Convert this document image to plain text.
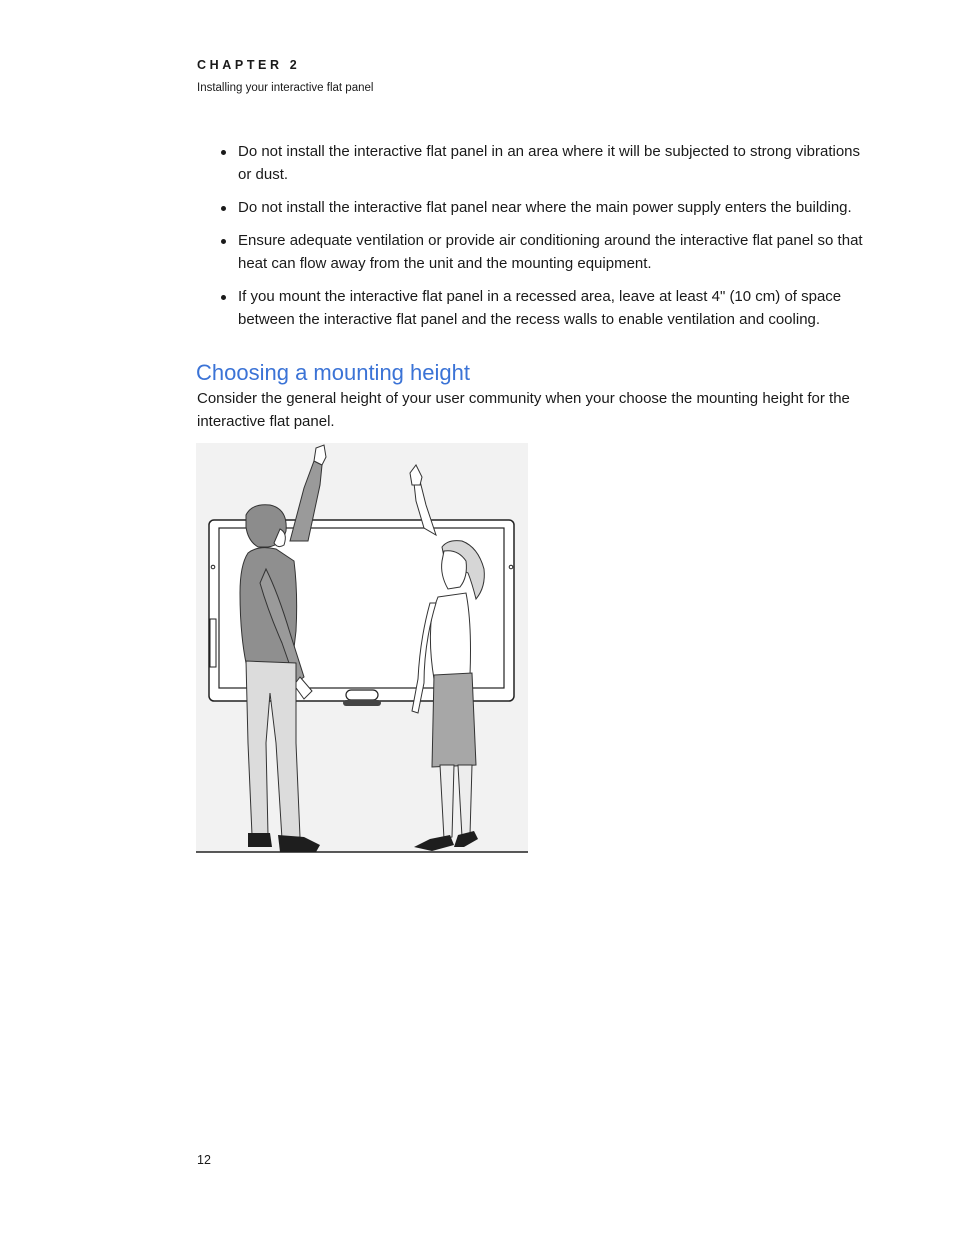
CHAPTER 2
Installing your interactive flat panel
Do not install the interactive flat panel in an area where it will be subjected to strong vibrations or dust.
Do not install the interactive flat panel near where the main power supply enters the building.
Ensure adequate ventilation or provide air conditioning around the interactive flat panel so that heat can flow away from the unit and the mounting equipment.
If you mount the interactive flat panel in a recessed area, leave at least 4" (10 cm) of space between the interactive flat panel and the recess walls to enable ventilation and cooling.
Choosing a mounting height

Consider the general height of your user community when your choose the mounting height for the interactive flat panel.

12
